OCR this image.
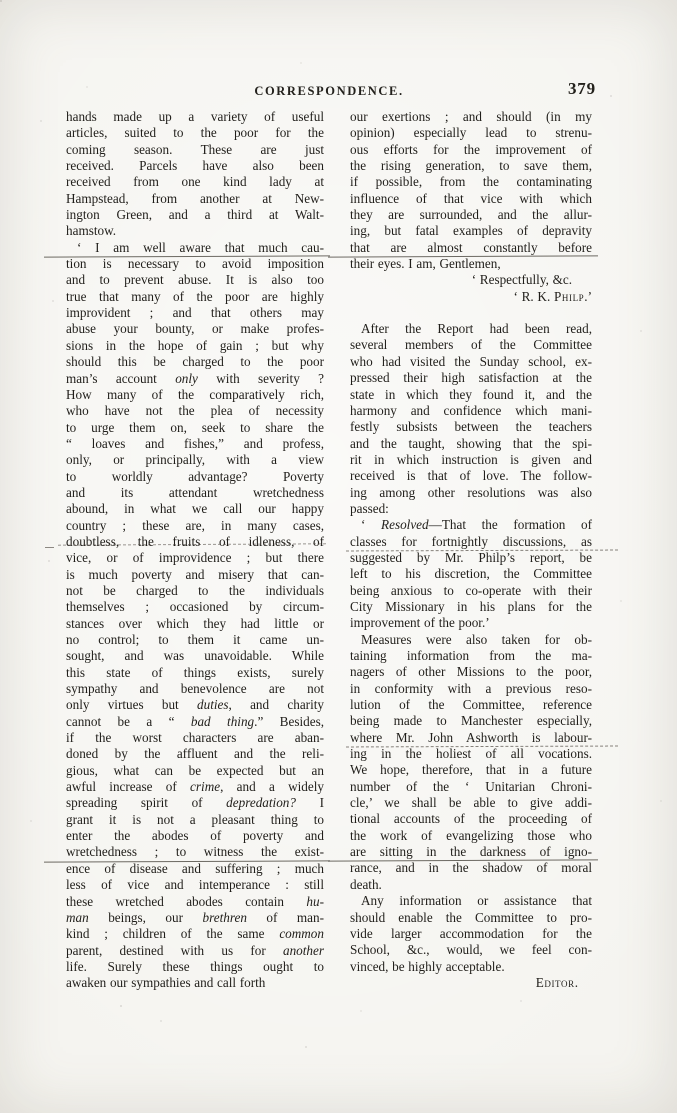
CORRESPONDENCE.	379
hands made up a variety of useful
articles, suited to the poor for the
coming season. These are just
received. Parcels have also been
received from one kind lady at
Hampstead, from another at New-
ington Green, and a third at Walt-
hamstow.
‘ I am well aware that much cau-
tion is necessary to avoid imposition
and to prevent abuse. It is also too
true that many of the poor are highly
improvident ; and that others may
abuse your bounty, or make profes-
sions in the hope of gain ; but why
should this be charged to the poor
man’s account only with severity ?
How many of the comparatively rich,
who have not the plea of necessity
to urge them on, seek to share the
“ loaves and fishes,” and profess,
only, or principally, with a view
to worldly advantage? Poverty
and its attendant wretchedness
abound, in what we call our happy
country ; these are, in many cases,
doubtless, the fruits of idleness, of
vice, or of improvidence ; but there
is much poverty and misery that can-
not be charged to the individuals
themselves ; occasioned by circum-
stances over which they had little or
no control; to them it came un-
sought, and was unavoidable. While
this state of things exists, surely
sympathy and benevolence are not
only virtues but duties, and charity
cannot be a “ bad thing.” Besides,
if the worst characters are aban-
doned by the affluent and the reli-
gious, what can be expected but an
awful increase of crime, and a widely
spreading spirit of depredation? I
grant it is not a pleasant thing to
enter the abodes of poverty and
wretchedness ; to witness the exist-
ence of disease and suffering ; much
less of vice and intemperance : still
these wretched abodes contain hu-
man beings, our brethren of man-
kind ; children of the same common
parent, destined with us for another
life. Surely these things ought to
awaken our sympathies and call forth
our exertions ; and should (in my
opinion) especially lead to strenu-
ous efforts for the improvement of
the rising generation, to save them,
if possible, from the contaminating
influence of that vice with which
they are surrounded, and the allur-
ing, but fatal examples of depravity
that are almost constantly before
their eyes. I am, Gentlemen,
‘ Respectfully, &c.
‘ R. K. Philp.’
After the Report had been read,
several members of the Committee
who had visited the Sunday school, ex-
pressed their high satisfaction at the
state in which they found it, and the
harmony and confidence which mani-
festly subsists between the teachers
and the taught, showing that the spi-
rit in which instruction is given and
received is that of love. The follow-
ing among other resolutions was also
passed:
‘ Resolved—That the formation of
classes for fortnightly discussions, as
suggested by Mr. Philp’s report, be
left to his discretion, the Committee
being anxious to co-operate with their
City Missionary in his plans for the
improvement of the poor.’
Measures were also taken for ob-
taining information from the ma-
nagers of other Missions to the poor,
in conformity with a previous reso-
lution of the Committee, reference
being made to Manchester especially,
where Mr. John Ashworth is labour-
ing in the holiest of all vocations.
We hope, therefore, that in a future
number of the ‘ Unitarian Chroni-
cle,’ we shall be able to give addi-
tional accounts of the proceeding of
the work of evangelizing those who
are sitting in the darkness of igno-
rance, and in the shadow of moral
death.
Any information or assistance that
should enable the Committee to pro-
vide larger accommodation for the
School, &c., would, we feel con-
vinced, be highly acceptable.
Editor.
